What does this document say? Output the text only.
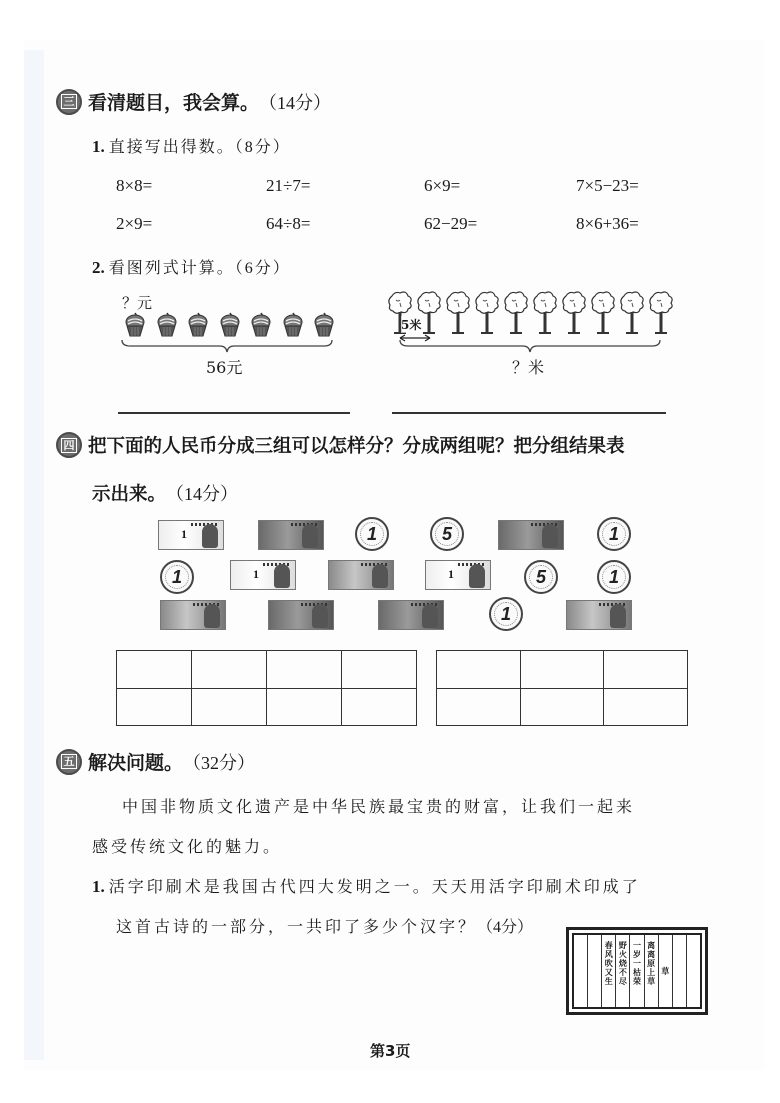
三 看清题目，我会算。 （14分）
1. 直接写出得数。（8分）
8×8=	21÷7=	6×9=	7×5−23=
2×9=	64÷8=	62−29=	8×6+36=
2. 看图列式计算。（6分）
？元
56元
5米
？米
四 把下面的人民币分成三组可以怎样分？分成两组呢？把分组结果表
示出来。 （14分）
1	1	5	1
1	1	1	5	1
1

五 解决问题。 （32分）
中国非物质文化遗产是中华民族最宝贵的财富，让我们一起来
感受传统文化的魅力。
1. 活字印刷术是我国古代四大发明之一。天天用活字印刷术印成了
这首古诗的一部分，一共印了多少个汉字？（4分）
草
离离原上草
一岁一枯荣
野火烧不尽
春风吹又生
第3页
